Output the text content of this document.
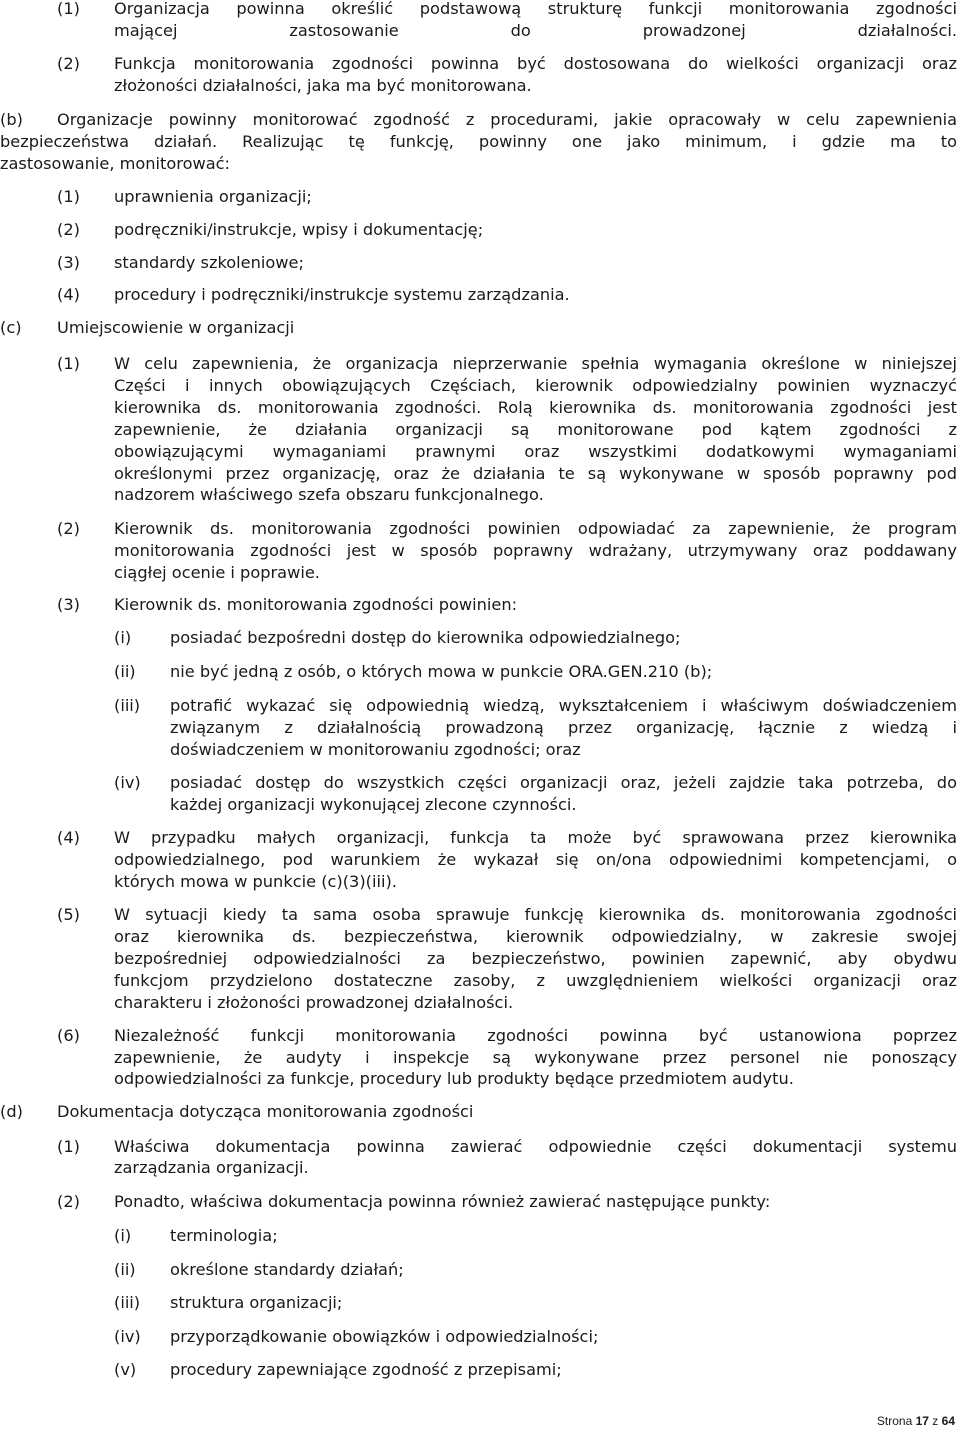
(1) Organizacja powinna określić podstawową strukturę funkcji monitorowania zgodności
mającej zastosowanie do prowadzonej działalności.
(2) Funkcja monitorowania zgodności powinna być dostosowana do wielkości organizacji oraz
złożoności działalności, jaka ma być monitorowana.
(b) Organizacje powinny monitorować zgodność z procedurami, jakie opracowały w celu zapewnienia
bezpieczeństwa działań. Realizując tę funkcję, powinny one jako minimum, i gdzie ma to
zastosowanie, monitorować:
(1) uprawnienia organizacji;
(2) podręczniki/instrukcje, wpisy i dokumentację;
(3) standardy szkoleniowe;
(4) procedury i podręczniki/instrukcje systemu zarządzania.
(c) Umiejscowienie w organizacji
(1) W celu zapewnienia, że organizacja nieprzerwanie spełnia wymagania określone w niniejszej
Części i innych obowiązujących Częściach, kierownik odpowiedzialny powinien wyznaczyć
kierownika ds. monitorowania zgodności. Rolą kierownika ds. monitorowania zgodności jest
zapewnienie, że działania organizacji są monitorowane pod kątem zgodności z
obowiązującymi wymaganiami prawnymi oraz wszystkimi dodatkowymi wymaganiami
określonymi przez organizację, oraz że działania te są wykonywane w sposób poprawny pod
nadzorem właściwego szefa obszaru funkcjonalnego.
(2) Kierownik ds. monitorowania zgodności powinien odpowiadać za zapewnienie, że program
monitorowania zgodności jest w sposób poprawny wdrażany, utrzymywany oraz poddawany
ciągłej ocenie i poprawie.
(3) Kierownik ds. monitorowania zgodności powinien:
(i) posiadać bezpośredni dostęp do kierownika odpowiedzialnego;
(ii) nie być jedną z osób, o których mowa w punkcie ORA.GEN.210 (b);
(iii) potrafić wykazać się odpowiednią wiedzą, wykształceniem i właściwym doświadczeniem
związanym z działalnością prowadzoną przez organizację, łącznie z wiedzą i
doświadczeniem w monitorowaniu zgodności; oraz
(iv) posiadać dostęp do wszystkich części organizacji oraz, jeżeli zajdzie taka potrzeba, do
każdej organizacji wykonującej zlecone czynności.
(4) W przypadku małych organizacji, funkcja ta może być sprawowana przez kierownika
odpowiedzialnego, pod warunkiem że wykazał się on/ona odpowiednimi kompetencjami, o
których mowa w punkcie (c)(3)(iii).
(5) W sytuacji kiedy ta sama osoba sprawuje funkcję kierownika ds. monitorowania zgodności
oraz kierownika ds. bezpieczeństwa, kierownik odpowiedzialny, w zakresie swojej
bezpośredniej odpowiedzialności za bezpieczeństwo, powinien zapewnić, aby obydwu
funkcjom przydzielono dostateczne zasoby, z uwzględnieniem wielkości organizacji oraz
charakteru i złożoności prowadzonej działalności.
(6) Niezależność funkcji monitorowania zgodności powinna być ustanowiona poprzez
zapewnienie, że audyty i inspekcje są wykonywane przez personel nie ponoszący
odpowiedzialności za funkcje, procedury lub produkty będące przedmiotem audytu.
(d) Dokumentacja dotycząca monitorowania zgodności
(1) Właściwa dokumentacja powinna zawierać odpowiednie części dokumentacji systemu
zarządzania organizacji.
(2) Ponadto, właściwa dokumentacja powinna również zawierać następujące punkty:
(i) terminologia;
(ii) określone standardy działań;
(iii) struktura organizacji;
(iv) przyporządkowanie obowiązków i odpowiedzialności;
(v) procedury zapewniające zgodność z przepisami;
Strona 17 z 64
